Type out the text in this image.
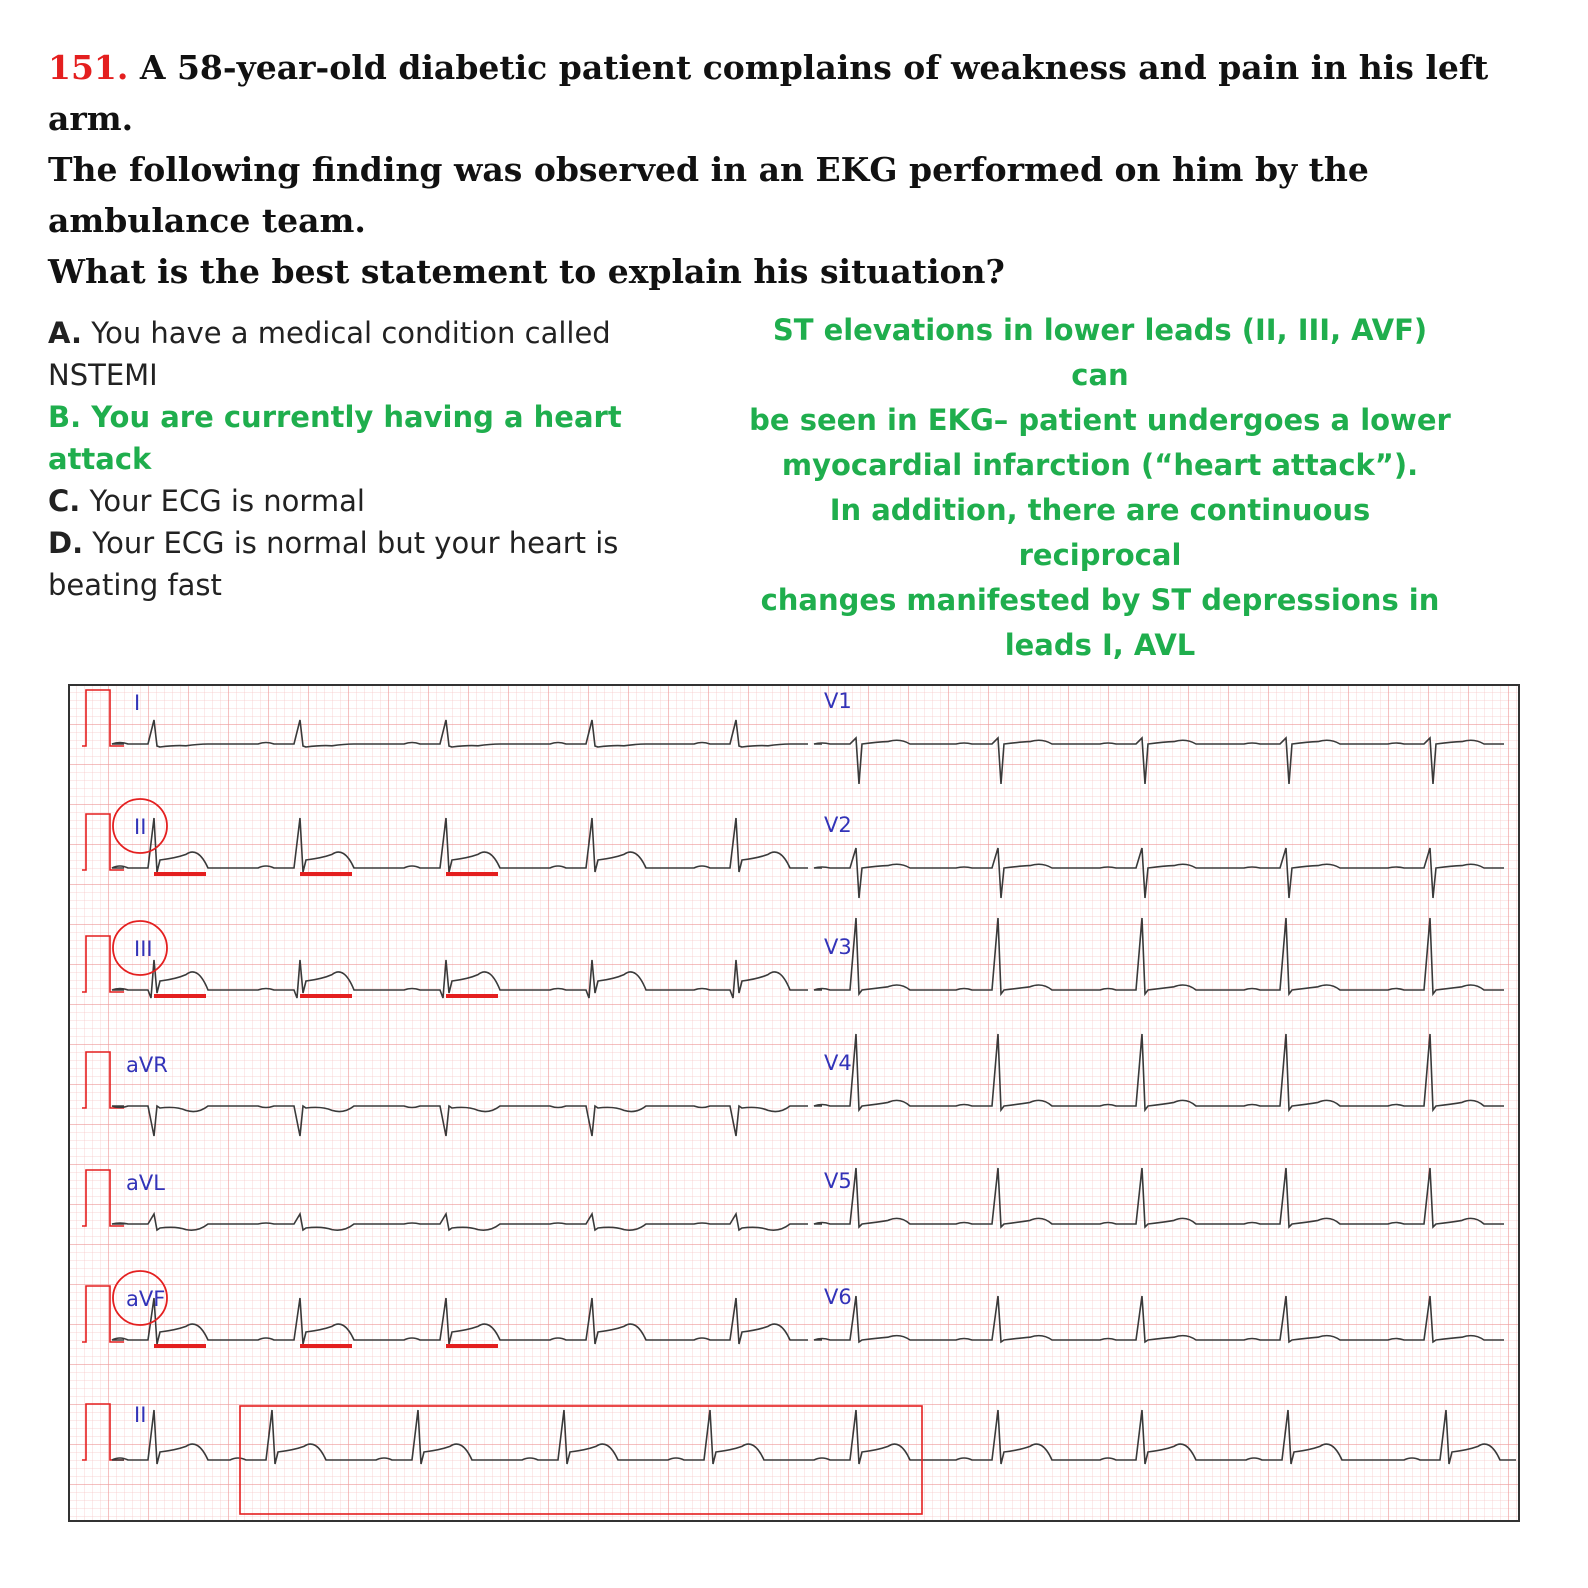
151. A 58-year-old diabetic patient complains of weakness and pain in his left arm.
The following finding was observed in an EKG performed on him by the
ambulance team.
What is the best statement to explain his situation?

A. You have a medical condition called NSTEMI

B. You are currently having a heart attack

C. Your ECG is normal

D. Your ECG is normal but your heart is beating fast

ST elevations in lower leads (II, III, AVF) can
be seen in EKG– patient undergoes a lower
myocardial infarction (“heart attack”).
In addition, there are continuous reciprocal
changes manifested by ST depressions in
leads I, AVL
I
II
III
aVR
aVL
aVF
V1
V2
V3
V4
V5
V6
II
